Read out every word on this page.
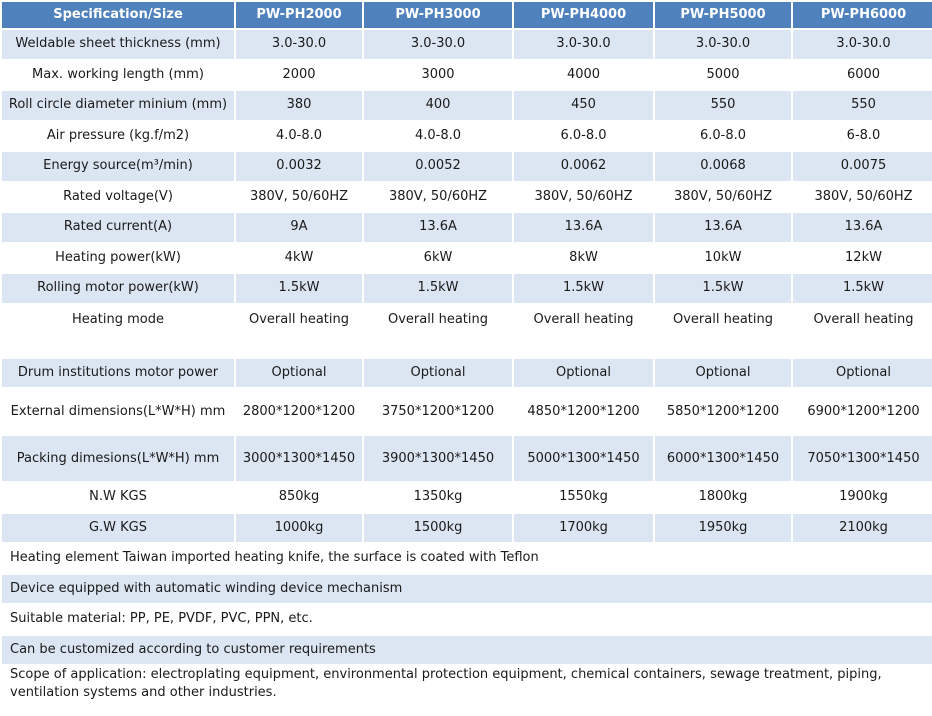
Specification/Size	PW-PH2000	PW-PH3000	PW-PH4000	PW-PH5000	PW-PH6000
Weldable sheet thickness (mm)	3.0-30.0	3.0-30.0	3.0-30.0	3.0-30.0	3.0-30.0
Max. working length (mm)	2000	3000	4000	5000	6000
Roll circle diameter minium (mm)	380	400	450	550	550
Air pressure (kg.f/m2)	4.0-8.0	4.0-8.0	6.0-8.0	6.0-8.0	6-8.0
Energy source(m³/min)	0.0032	0.0052	0.0062	0.0068	0.0075
Rated voltage(V)	380V, 50/60HZ	380V, 50/60HZ	380V, 50/60HZ	380V, 50/60HZ	380V, 50/60HZ
Rated current(A)	9A	13.6A	13.6A	13.6A	13.6A
Heating power(kW)	4kW	6kW	8kW	10kW	12kW
Rolling motor power(kW)	1.5kW	1.5kW	1.5kW	1.5kW	1.5kW
Heating mode	Overall heating	Overall heating	Overall heating	Overall heating	Overall heating
Drum institutions motor power	Optional	Optional	Optional	Optional	Optional
External dimensions(L*W*H) mm	2800*1200*1200	3750*1200*1200	4850*1200*1200	5850*1200*1200	6900*1200*1200
Packing dimesions(L*W*H) mm	3000*1300*1450	3900*1300*1450	5000*1300*1450	6000*1300*1450	7050*1300*1450
N.W KGS	850kg	1350kg	1550kg	1800kg	1900kg
G.W KGS	1000kg	1500kg	1700kg	1950kg	2100kg
Heating element Taiwan imported heating knife, the surface is coated with Teflon					
Device equipped with automatic winding device mechanism					
Suitable material: PP, PE, PVDF, PVC, PPN, etc.					
Can be customized according to customer requirements					
Scope of application: electroplating equipment, environmental protection equipment, chemical containers, sewage treatment, piping, ventilation systems and other industries.					
